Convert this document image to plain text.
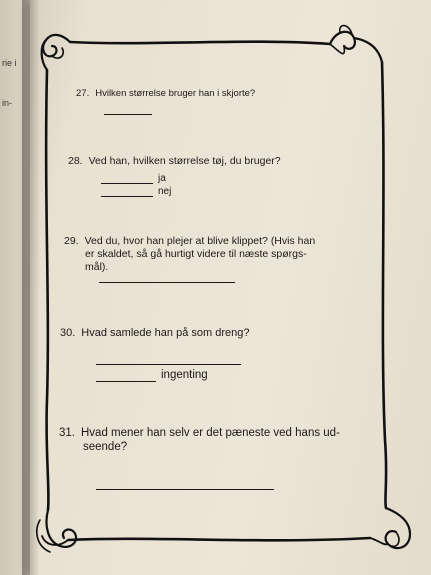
rie i
in-
27. Hvilken størrelse bruger han i skjorte?
28. Ved han, hvilken størrelse tøj, du bruger?
ja
nej
29. Ved du, hvor han plejer at blive klippet? (Hvis han
er skaldet, så gå hurtigt videre til næste spørgs-
mål).
30. Hvad samlede han på som dreng?
ingenting
31. Hvad mener han selv er det pæneste ved hans ud-
seende?
